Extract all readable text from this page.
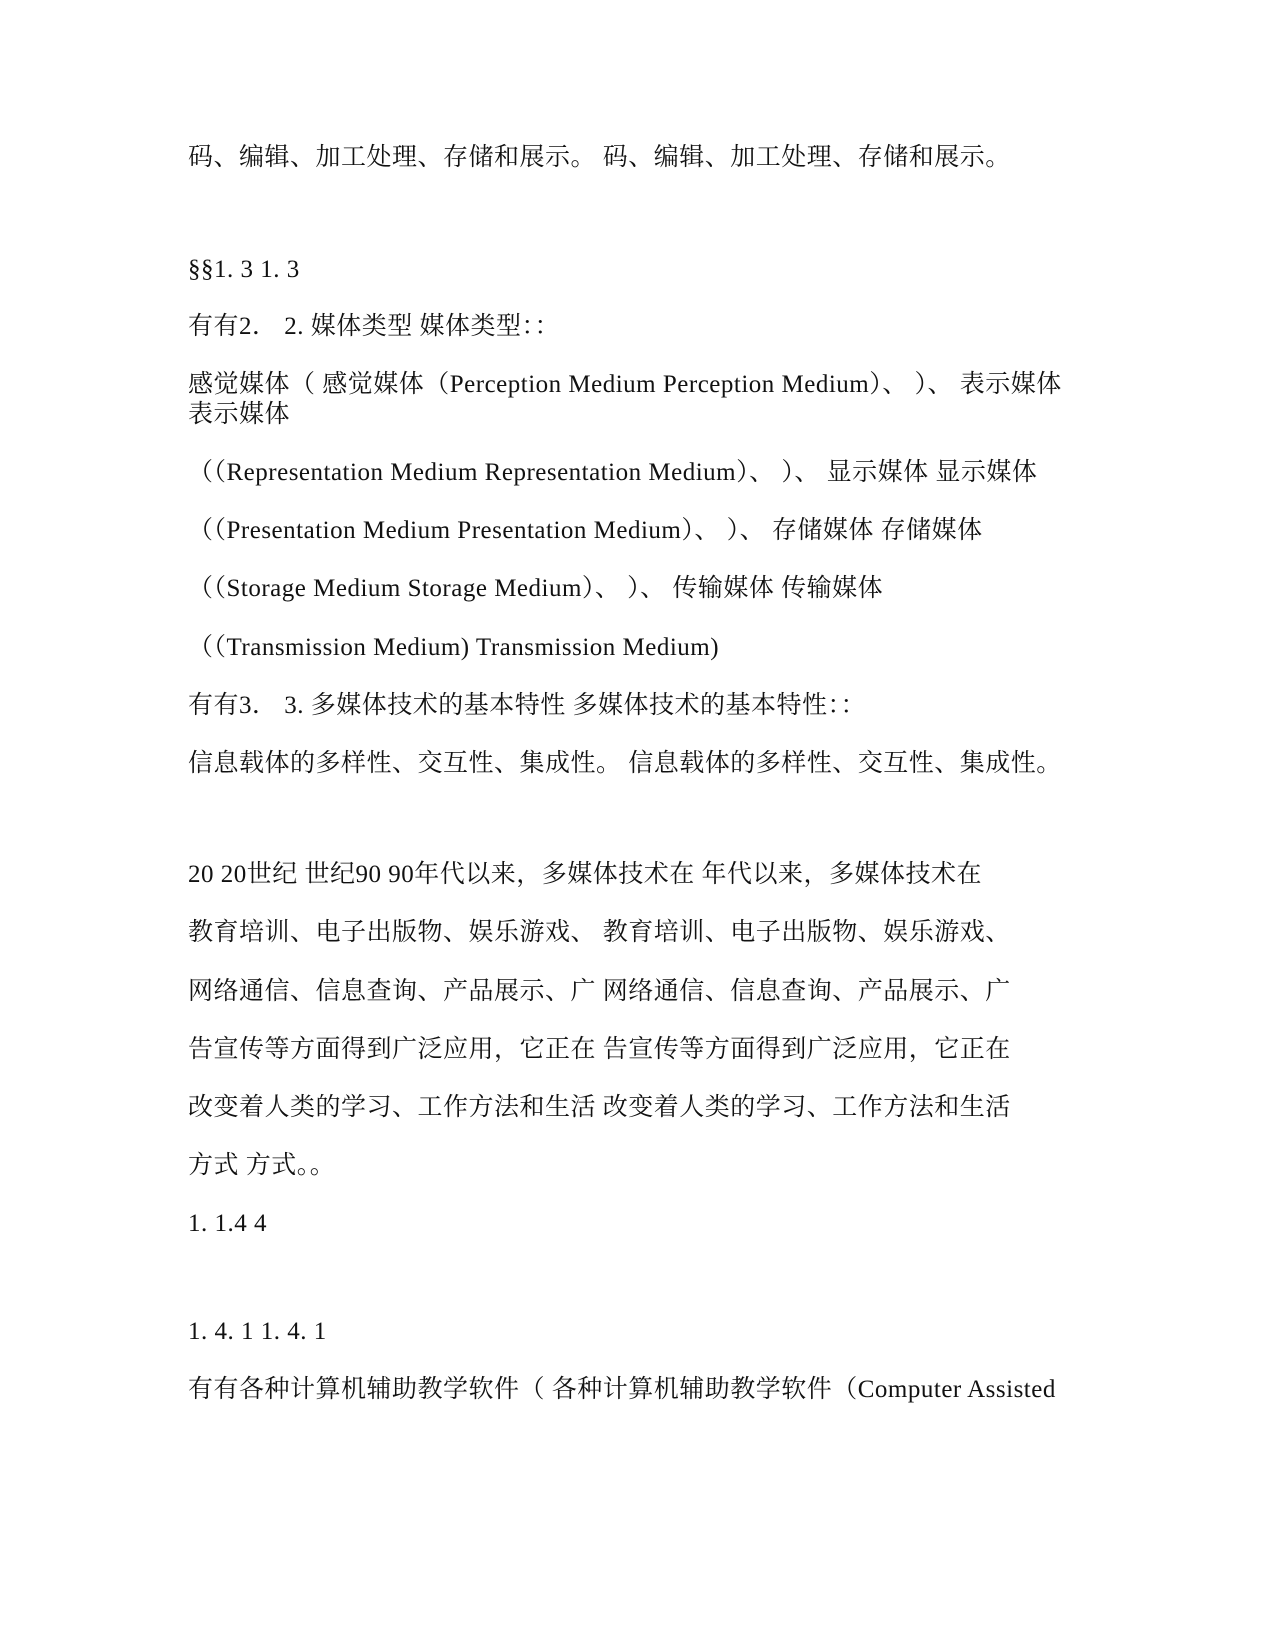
码、编辑、加工处理、存储和展示。 码、编辑、加工处理、存储和展示。
§§1. 3 1. 3
有有2． 2. 媒体类型 媒体类型：：
感觉媒体（ 感觉媒体（Perception Medium Perception Medium）、 ）、 表示媒体 表示媒体
（（Representation Medium Representation Medium）、 ）、 显示媒体 显示媒体
（（Presentation Medium Presentation Medium）、 ）、 存储媒体 存储媒体
（（Storage Medium Storage Medium）、 ）、 传输媒体 传输媒体
（（Transmission Medium) Transmission Medium)
有有3． 3. 多媒体技术的基本特性 多媒体技术的基本特性：：
信息载体的多样性、交互性、集成性。 信息载体的多样性、交互性、集成性。
20 20世纪 世纪90 90年代以来，多媒体技术在 年代以来，多媒体技术在
教育培训、电子出版物、娱乐游戏、 教育培训、电子出版物、娱乐游戏、
网络通信、信息查询、产品展示、广 网络通信、信息查询、产品展示、广
告宣传等方面得到广泛应用，它正在 告宣传等方面得到广泛应用，它正在
改变着人类的学习、工作方法和生活 改变着人类的学习、工作方法和生活
方式 方式。。
1. 1.4 4
1. 4. 1 1. 4. 1
有有各种计算机辅助教学软件（ 各种计算机辅助教学软件（Computer Assisted
